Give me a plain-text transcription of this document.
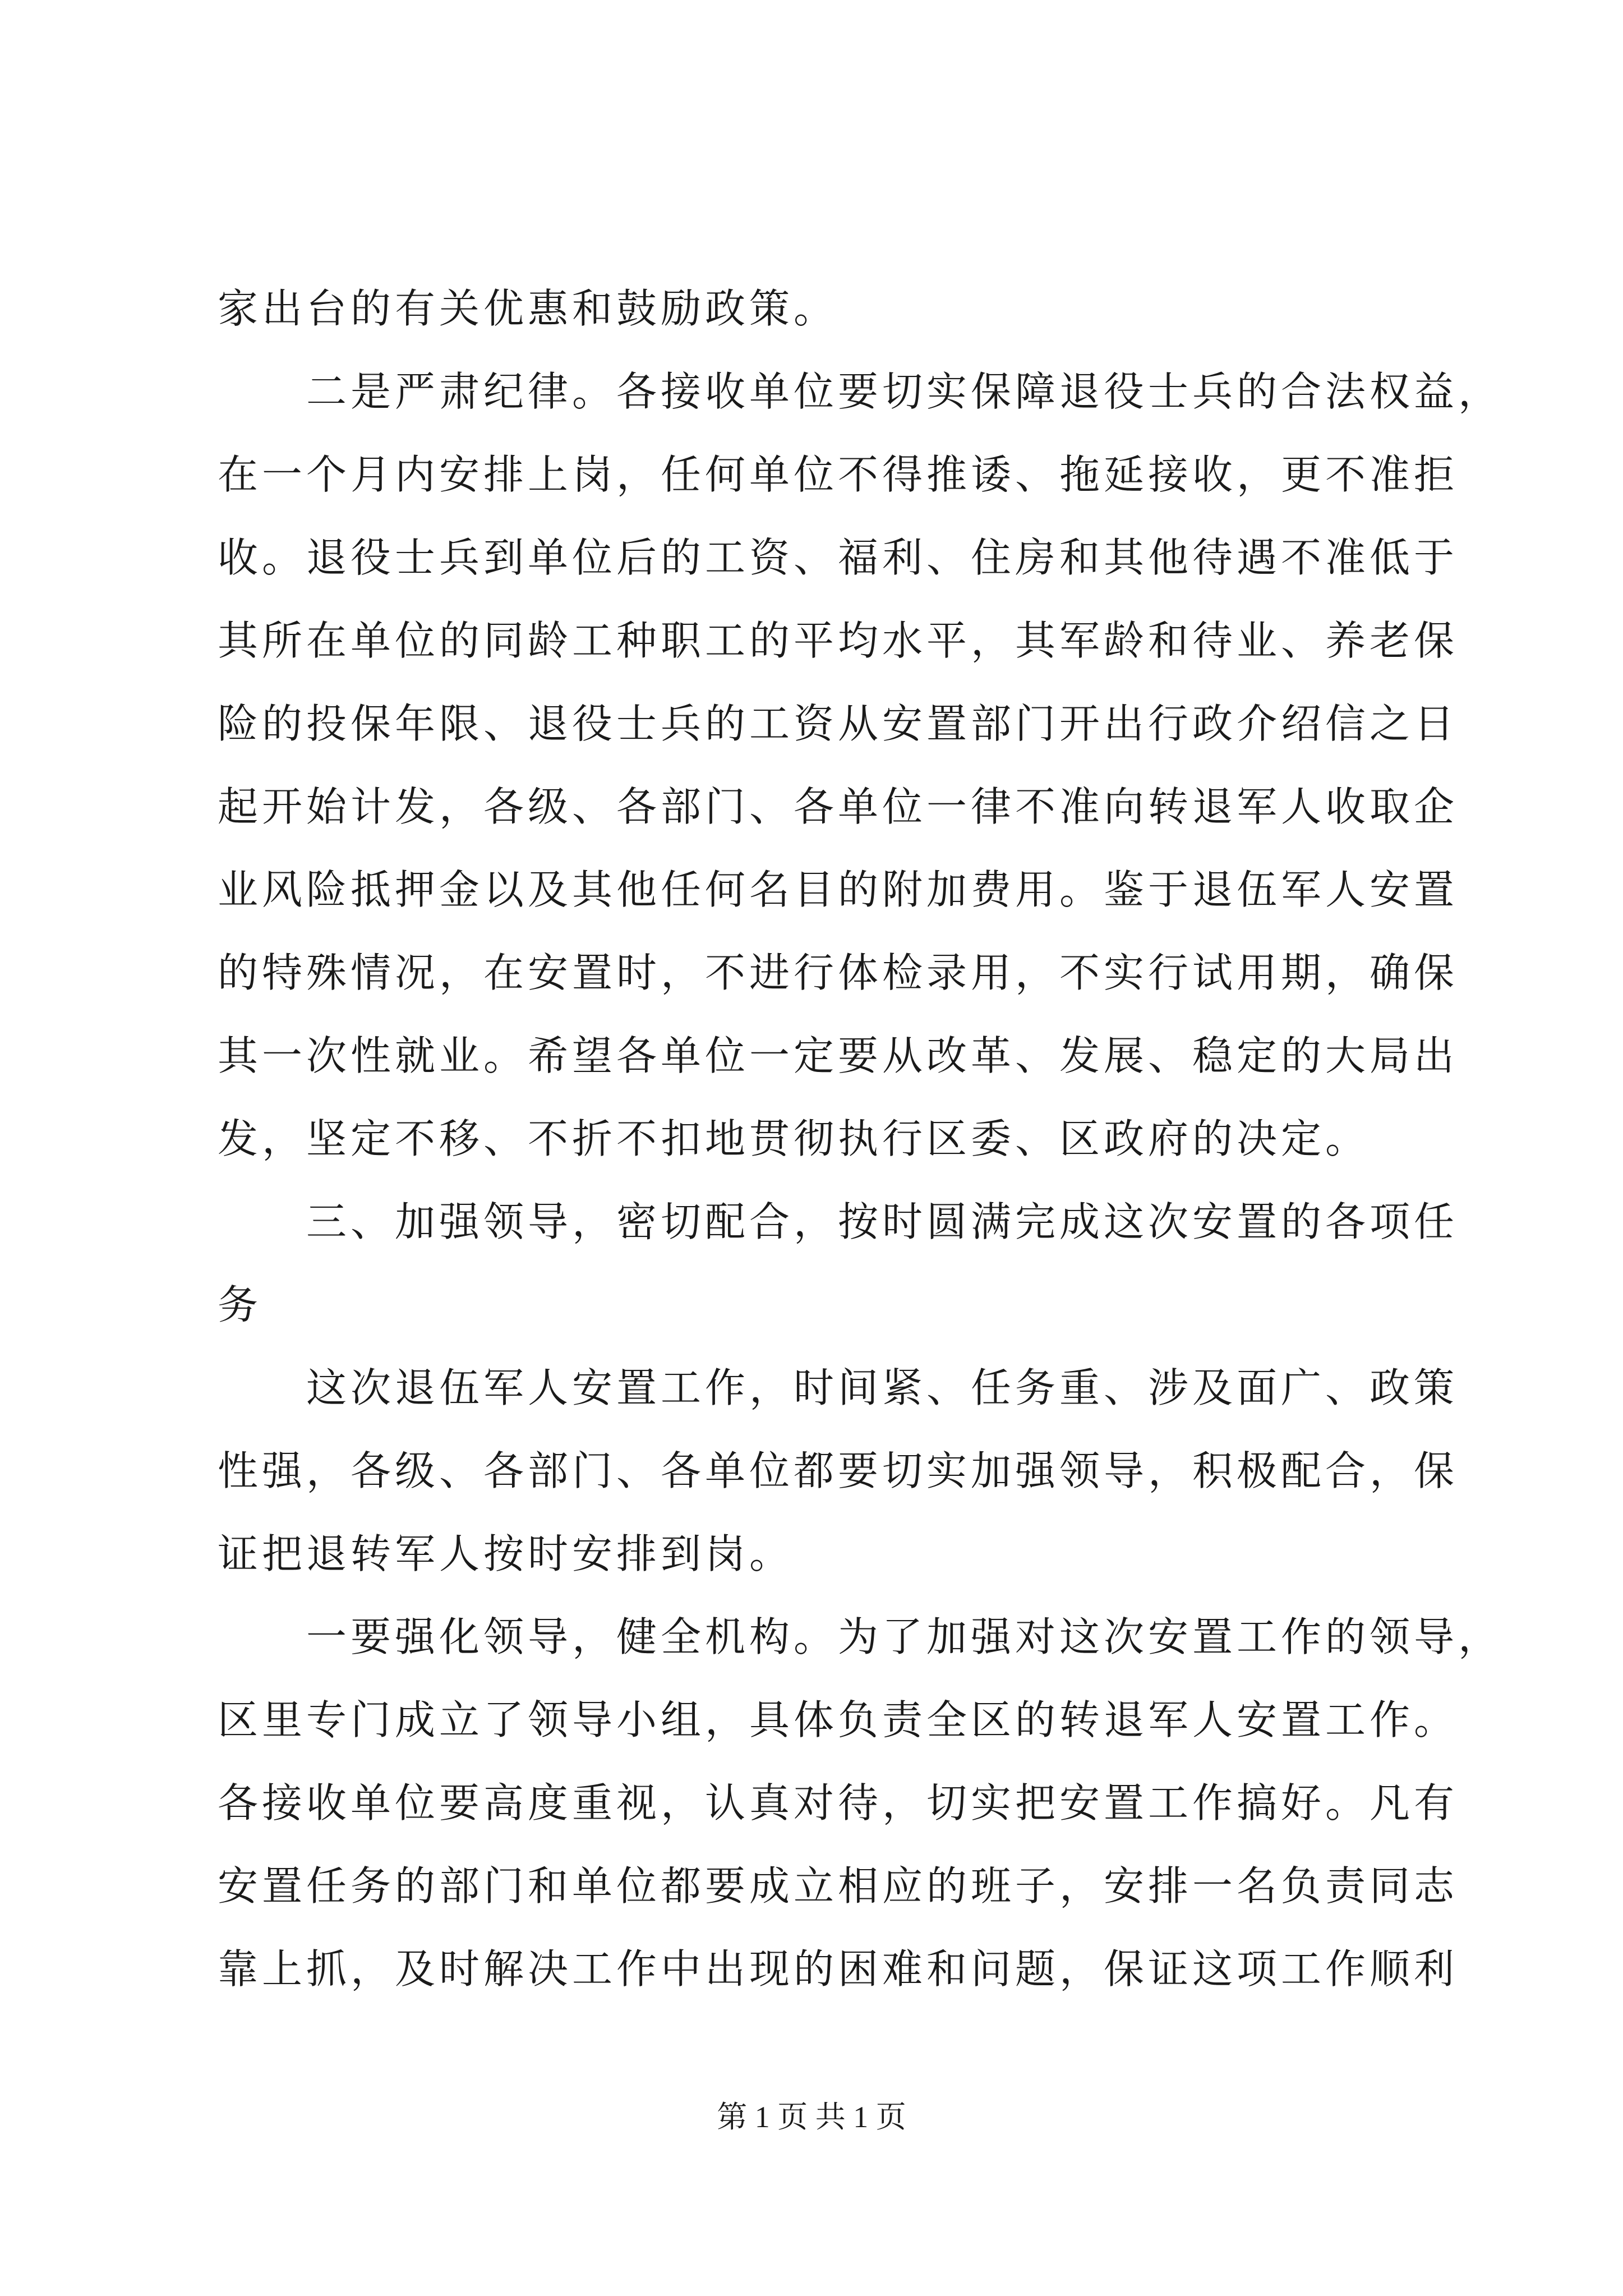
家出台的有关优惠和鼓励政策。
　　二是严肃纪律。各接收单位要切实保障退役士兵的合法权益，
在一个月内安排上岗，任何单位不得推诿、拖延接收，更不准拒
收。退役士兵到单位后的工资、福利、住房和其他待遇不准低于
其所在单位的同龄工种职工的平均水平，其军龄和待业、养老保
险的投保年限、退役士兵的工资从安置部门开出行政介绍信之日
起开始计发，各级、各部门、各单位一律不准向转退军人收取企
业风险抵押金以及其他任何名目的附加费用。鉴于退伍军人安置
的特殊情况，在安置时，不进行体检录用，不实行试用期，确保
其一次性就业。希望各单位一定要从改革、发展、稳定的大局出
发，坚定不移、不折不扣地贯彻执行区委、区政府的决定。
　　三、加强领导，密切配合，按时圆满完成这次安置的各项任
务
　　这次退伍军人安置工作，时间紧、任务重、涉及面广、政策
性强，各级、各部门、各单位都要切实加强领导，积极配合，保
证把退转军人按时安排到岗。
　　一要强化领导，健全机构。为了加强对这次安置工作的领导，
区里专门成立了领导小组，具体负责全区的转退军人安置工作。
各接收单位要高度重视，认真对待，切实把安置工作搞好。凡有
安置任务的部门和单位都要成立相应的班子，安排一名负责同志
靠上抓，及时解决工作中出现的困难和问题，保证这项工作顺利
第 1 页 共 1 页
